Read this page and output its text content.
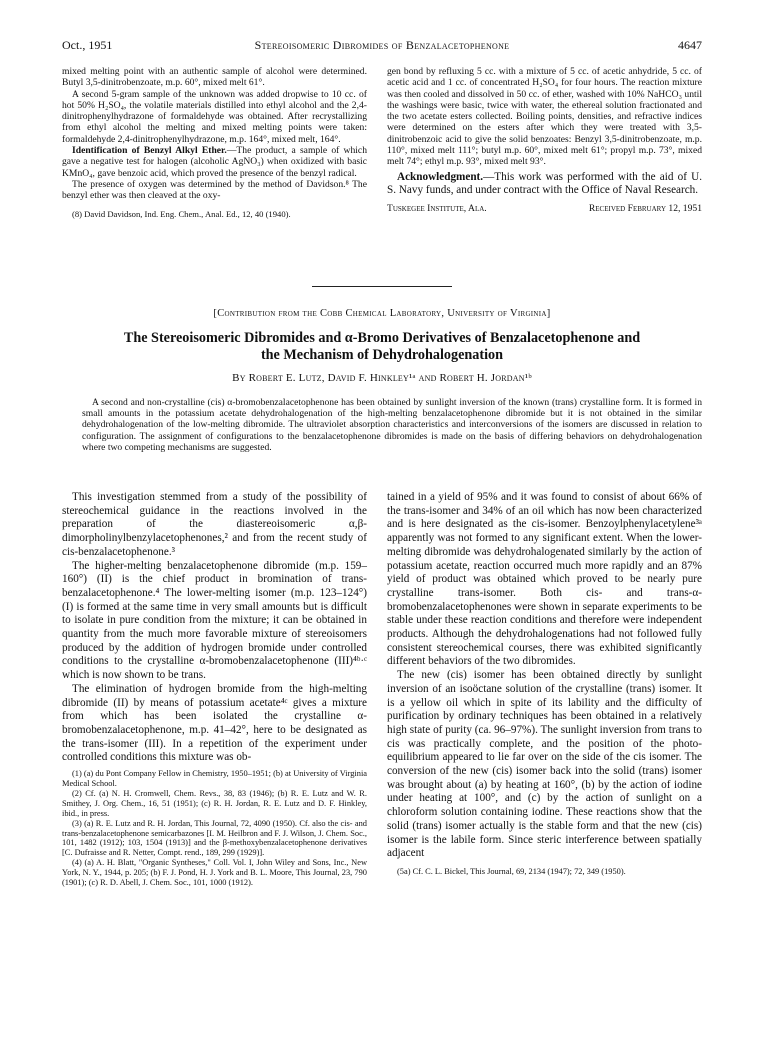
Oct., 1951	Stereoisomeric Dibromides of Benzalacetophenone	4647

mixed melting point with an authentic sample of alcohol were determined. Butyl 3,5-dinitrobenzoate, m.p. 60°, mixed melt 61°.

A second 5-gram sample of the unknown was added dropwise to 10 cc. of hot 50% H₂SO₄, the volatile materials distilled into ethyl alcohol and the 2,4-dinitrophenylhydrazone of formaldehyde was obtained. After recrystallizing from ethyl alcohol the melting and mixed melting points were taken: formaldehyde 2,4-dinitrophenylhydrazone, m.p. 164°, mixed melt, 164°.

Identification of Benzyl Alkyl Ether.—The product, a sample of which gave a negative test for halogen (alcoholic AgNO₃) when oxidized with basic KMnO₄, gave benzoic acid, which proved the presence of the benzyl radical.

The presence of oxygen was determined by the method of Davidson.⁸ The benzyl ether was then cleaved at the oxy-

(8) David Davidson, Ind. Eng. Chem., Anal. Ed., 12, 40 (1940).

gen bond by refluxing 5 cc. with a mixture of 5 cc. of acetic anhydride, 5 cc. of acetic acid and 1 cc. of concentrated H₂SO₄ for four hours. The reaction mixture was then cooled and dissolved in 50 cc. of ether, washed with 10% NaHCO₃ until the washings were basic, twice with water, the ethereal solution fractionated and the two acetate esters collected. Boiling points, densities, and refractive indices were determined on the esters after which they were treated with 3,5-dinitrobenzoic acid to give the solid benzoates: Benzyl 3,5-dinitrobenzoate, m.p. 110°, mixed melt 111°; butyl m.p. 60°, mixed melt 61°; propyl m.p. 73°, mixed melt 74°; ethyl m.p. 93°, mixed melt 93°.

Acknowledgment.—This work was performed with the aid of U. S. Navy funds, and under contract with the Office of Naval Research.

Tuskegee Institute, Ala.	Received February 12, 1951
[Contribution from the Cobb Chemical Laboratory, University of Virginia]
The Stereoisomeric Dibromides and α-Bromo Derivatives of Benzalacetophenone and
the Mechanism of Dehydrohalogenation
By Robert E. Lutz, David F. Hinkley¹ᵃ and Robert H. Jordan¹ᵇ

A second and non-crystalline (cis) α-bromobenzalacetophenone has been obtained by sunlight inversion of the known (trans) crystalline form. It is formed in small amounts in the potassium acetate dehydrohalogenation of the high-melting benzalacetophenone dibromide but it is not obtained in the similar dehydrohalogenation of the low-melting dibromide. The ultraviolet absorption characteristics and interconversions of the isomers are discussed in relation to configuration. The assignment of configurations to the benzalacetophenone dibromides is made on the basis of differing behaviors on dehydrohalogenation where two competing mechanisms are suggested.

This investigation stemmed from a study of the possibility of stereochemical guidance in the reactions involved in the preparation of the diastereoisomeric α,β-dimorpholinylbenzylacetophenones,² and from the recent study of cis-benzalacetophenone.³

The higher-melting benzalacetophenone dibromide (m.p. 159–160°) (II) is the chief product in bromination of trans-benzalacetophenone.⁴ The lower-melting isomer (m.p. 123–124°) (I) is formed at the same time in very small amounts but is difficult to isolate in pure condition from the mixture; it can be obtained in quantity from the much more favorable mixture of stereoisomers produced by the addition of hydrogen bromide under controlled conditions to the crystalline α-bromobenzalacetophenone (III)⁴ᵇ·ᶜ which is now shown to be trans.

The elimination of hydrogen bromide from the high-melting dibromide (II) by means of potassium acetate⁴ᶜ gives a mixture from which has been isolated the crystalline α-bromobenzalacetophenone, m.p. 41–42°, here to be designated as the trans-isomer (III). In a repetition of the experiment under controlled conditions this mixture was ob-

(1) (a) du Pont Company Fellow in Chemistry, 1950–1951; (b) at University of Virginia Medical School.

(2) Cf. (a) N. H. Cromwell, Chem. Revs., 38, 83 (1946); (b) R. E. Lutz and W. R. Smithey, J. Org. Chem., 16, 51 (1951); (c) R. H. Jordan, R. E. Lutz and D. F. Hinkley, ibid., in press.

(3) (a) R. E. Lutz and R. H. Jordan, This Journal, 72, 4090 (1950). Cf. also the cis- and trans-benzalacetophenone semicarbazones [I. M. Heilbron and F. J. Wilson, J. Chem. Soc., 101, 1482 (1912); 103, 1504 (1913)] and the β-methoxybenzalacetophenone derivatives [C. Dufraisse and R. Netter, Compt. rend., 189, 299 (1929)].

(4) (a) A. H. Blatt, "Organic Syntheses," Coll. Vol. I, John Wiley and Sons, Inc., New York, N. Y., 1944, p. 205; (b) F. J. Pond, H. J. York and B. L. Moore, This Journal, 23, 790 (1901); (c) R. D. Abell, J. Chem. Soc., 101, 1000 (1912).

tained in a yield of 95% and it was found to consist of about 66% of the trans-isomer and 34% of an oil which has now been characterized and is here designated as the cis-isomer. Benzoylphenylacetylene³ᵃ apparently was not formed to any significant extent. When the lower-melting dibromide was dehydrohalogenated similarly by the action of potassium acetate, reaction occurred much more rapidly and an 87% yield of product was obtained which proved to be nearly pure crystalline trans-isomer. Both cis- and trans-α-bromobenzalacetophenones were shown in separate experiments to be stable under these reaction conditions and therefore were independent products. Although the dehydrohalogenations had not followed fully consistent stereochemical courses, there was exhibited significantly different behaviors of the two dibromides.

The new (cis) isomer has been obtained directly by sunlight inversion of an isoöctane solution of the crystalline (trans) isomer. It is a yellow oil which in spite of its lability and the difficulty of purification by ordinary techniques has been obtained in a relatively high state of purity (ca. 96–97%). The sunlight inversion from trans to cis was practically complete, and the position of the photo-equilibrium appeared to lie far over on the side of the cis isomer. The conversion of the new (cis) isomer back into the solid (trans) isomer was brought about (a) by heating at 160°, (b) by the action of iodine under heating at 100°, and (c) by the action of sunlight on a chloroform solution containing iodine. These reactions show that the solid (trans) isomer actually is the stable form and that the new (cis) isomer is the labile form. Since steric interference between spatially adjacent

(5a) Cf. C. L. Bickel, This Journal, 69, 2134 (1947); 72, 349 (1950).
